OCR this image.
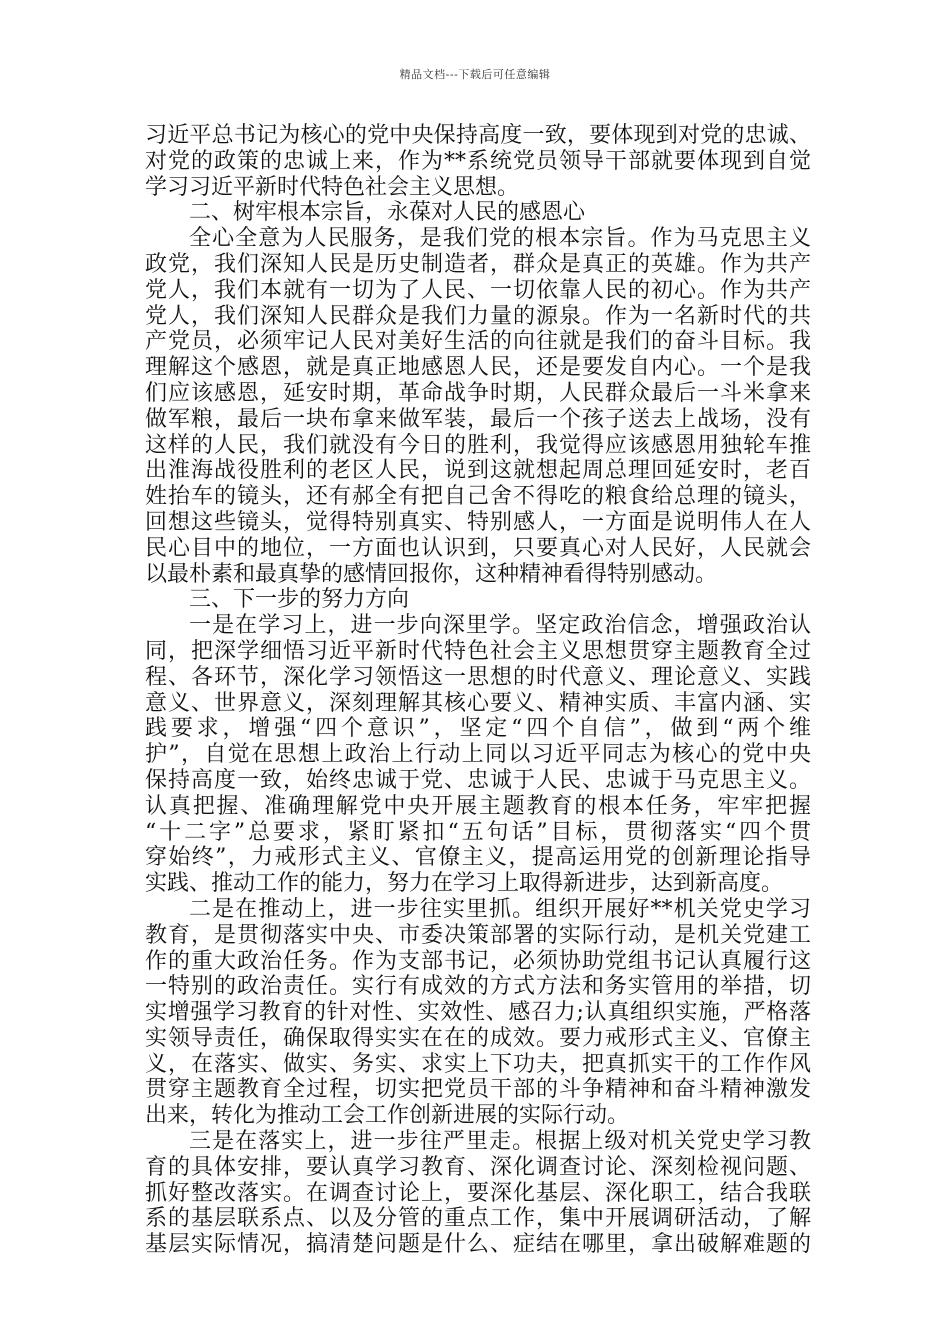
精品文档---下载后可任意编辑
习近平总书记为核心的党中央保持高度一致，要体现到对党的忠诚、
对党的政策的忠诚上来，作为**系统党员领导干部就要体现到自觉
学习习近平新时代特色社会主义思想。
二、树牢根本宗旨，永葆对人民的感恩心
全心全意为人民服务，是我们党的根本宗旨。作为马克思主义
政党，我们深知人民是历史制造者，群众是真正的英雄。作为共产
党人，我们本就有一切为了人民、一切依靠人民的初心。作为共产
党人，我们深知人民群众是我们力量的源泉。作为一名新时代的共
产党员，必须牢记人民对美好生活的向往就是我们的奋斗目标。我
理解这个感恩，就是真正地感恩人民，还是要发自内心。一个是我
们应该感恩，延安时期，革命战争时期，人民群众最后一斗米拿来
做军粮，最后一块布拿来做军装，最后一个孩子送去上战场，没有
这样的人民，我们就没有今日的胜利，我觉得应该感恩用独轮车推
出淮海战役胜利的老区人民，说到这就想起周总理回延安时，老百
姓抬车的镜头，还有郝全有把自己舍不得吃的粮食给总理的镜头，
回想这些镜头，觉得特别真实、特别感人，一方面是说明伟人在人
民心目中的地位，一方面也认识到，只要真心对人民好，人民就会
以最朴素和最真挚的感情回报你，这种精神看得特别感动。
三、下一步的努力方向
一是在学习上，进一步向深里学。坚定政治信念，增强政治认
同，把深学细悟习近平新时代特色社会主义思想贯穿主题教育全过
程、各环节，深化学习领悟这一思想的时代意义、理论意义、实践
意义、世界意义，深刻理解其核心要义、精神实质、丰富内涵、实
践要求，增强“四个意识”，坚定“四个自信”，做到“两个维
护”，自觉在思想上政治上行动上同以习近平同志为核心的党中央
保持高度一致，始终忠诚于党、忠诚于人民、忠诚于马克思主义。
认真把握、准确理解党中央开展主题教育的根本任务，牢牢把握
“十二字”总要求，紧盯紧扣“五句话”目标，贯彻落实“四个贯
穿始终”，力戒形式主义、官僚主义，提高运用党的创新理论指导
实践、推动工作的能力，努力在学习上取得新进步，达到新高度。
二是在推动上，进一步往实里抓。组织开展好**机关党史学习
教育，是贯彻落实中央、市委决策部署的实际行动，是机关党建工
作的重大政治任务。作为支部书记，必须协助党组书记认真履行这
一特别的政治责任。实行有成效的方式方法和务实管用的举措，切
实增强学习教育的针对性、实效性、感召力;认真组织实施，严格落
实领导责任，确保取得实实在在的成效。要力戒形式主义、官僚主
义，在落实、做实、务实、求实上下功夫，把真抓实干的工作作风
贯穿主题教育全过程，切实把党员干部的斗争精神和奋斗精神激发
出来，转化为推动工会工作创新进展的实际行动。
三是在落实上，进一步往严里走。根据上级对机关党史学习教
育的具体安排，要认真学习教育、深化调查讨论、深刻检视问题、
抓好整改落实。在调查讨论上，要深化基层、深化职工，结合我联
系的基层联系点、以及分管的重点工作，集中开展调研活动，了解
基层实际情况，搞清楚问题是什么、症结在哪里，拿出破解难题的
